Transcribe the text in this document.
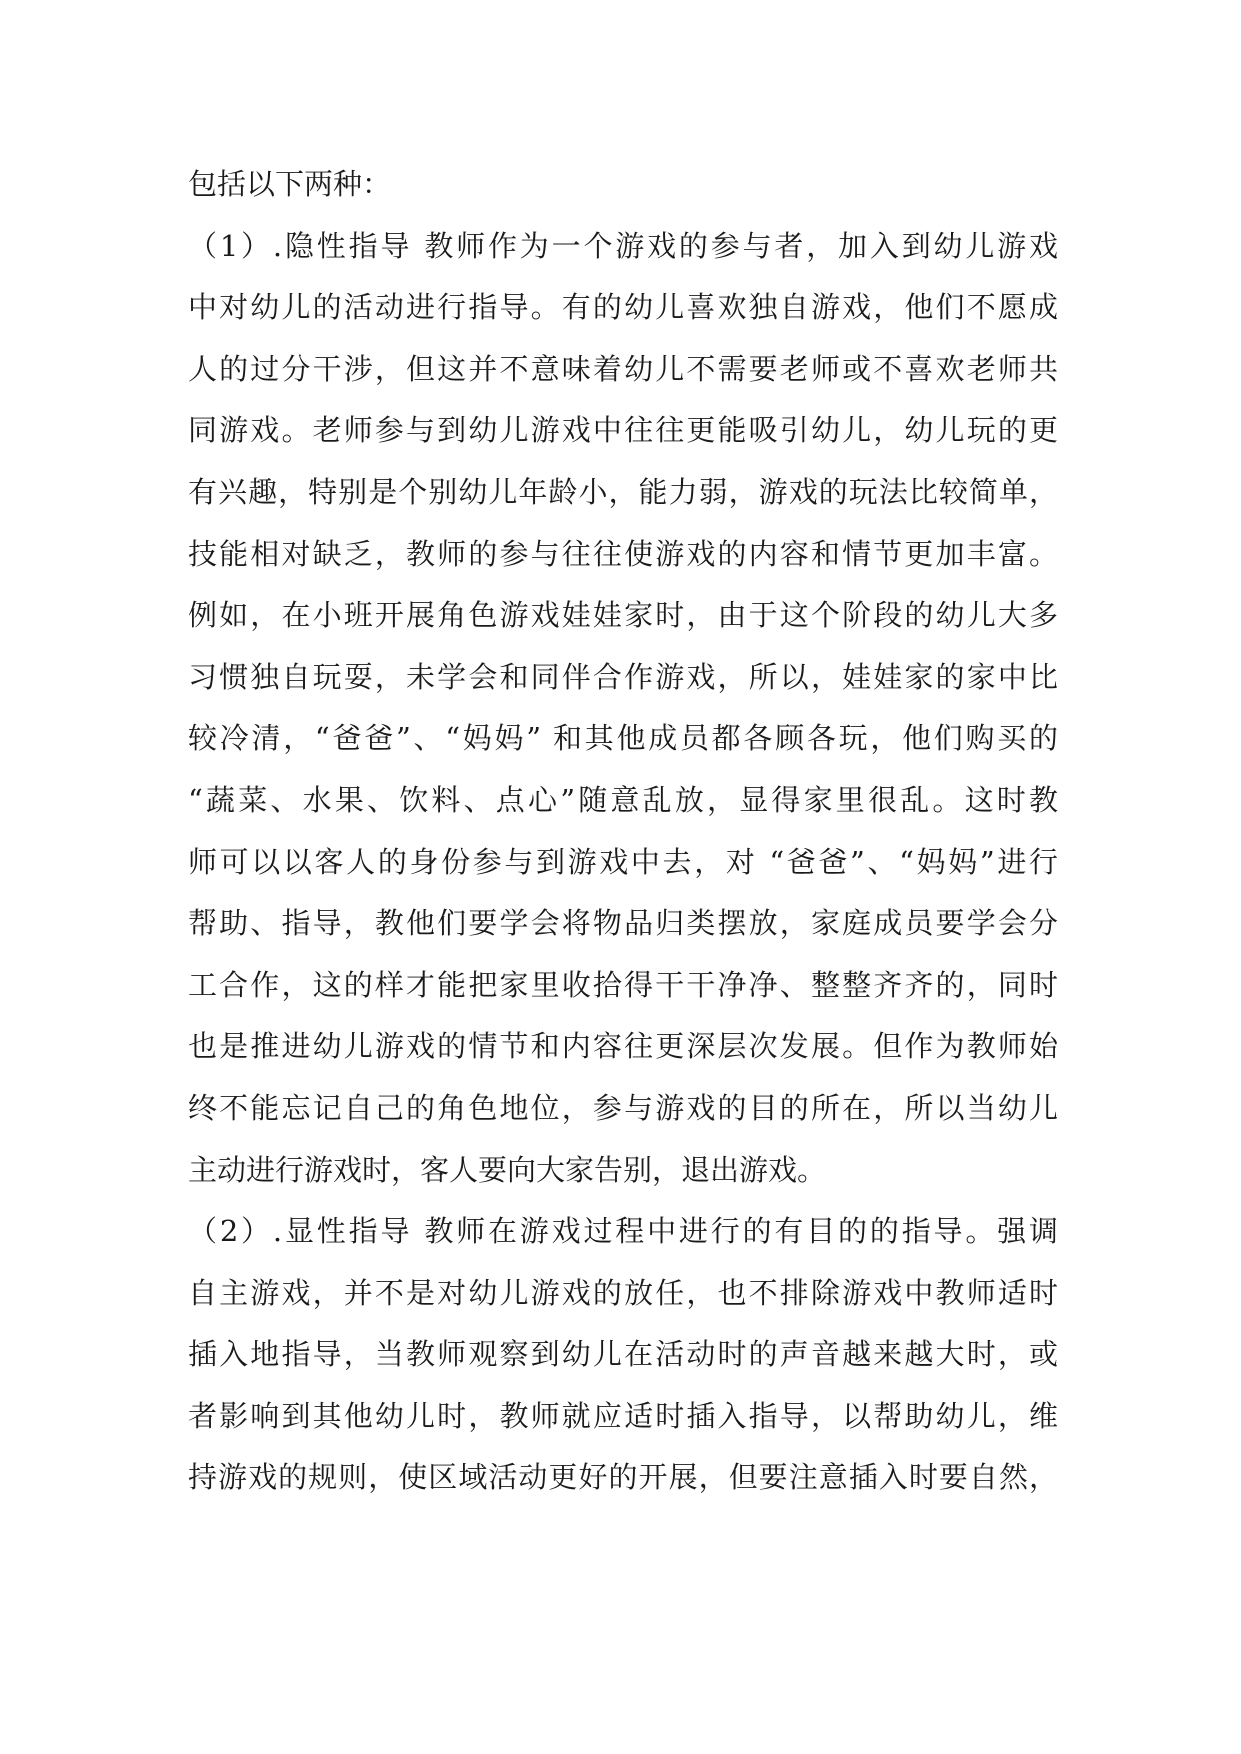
包括以下两种：
（1）.隐性指导 教师作为一个游戏的参与者，加入到幼儿游戏
中对幼儿的活动进行指导。有的幼儿喜欢独自游戏，他们不愿成
人的过分干涉，但这并不意味着幼儿不需要老师或不喜欢老师共
同游戏。老师参与到幼儿游戏中往往更能吸引幼儿，幼儿玩的更
有兴趣，特别是个别幼儿年龄小，能力弱，游戏的玩法比较简单，
技能相对缺乏，教师的参与往往使游戏的内容和情节更加丰富。
例如，在小班开展角色游戏娃娃家时，由于这个阶段的幼儿大多
习惯独自玩耍，未学会和同伴合作游戏，所以，娃娃家的家中比
较冷清，“爸爸”、“妈妈” 和其他成员都各顾各玩，他们购买的
“蔬菜、水果、饮料、点心”随意乱放，显得家里很乱。这时教
师可以以客人的身份参与到游戏中去，对 “爸爸”、“妈妈”进行
帮助、指导，教他们要学会将物品归类摆放，家庭成员要学会分
工合作，这的样才能把家里收拾得干干净净、整整齐齐的，同时
也是推进幼儿游戏的情节和内容往更深层次发展。但作为教师始
终不能忘记自己的角色地位，参与游戏的目的所在，所以当幼儿
主动进行游戏时，客人要向大家告别，退出游戏。
（2）.显性指导 教师在游戏过程中进行的有目的的指导。强调
自主游戏，并不是对幼儿游戏的放任，也不排除游戏中教师适时
插入地指导，当教师观察到幼儿在活动时的声音越来越大时，或
者影响到其他幼儿时，教师就应适时插入指导，以帮助幼儿，维
持游戏的规则，使区域活动更好的开展，但要注意插入时要自然，
